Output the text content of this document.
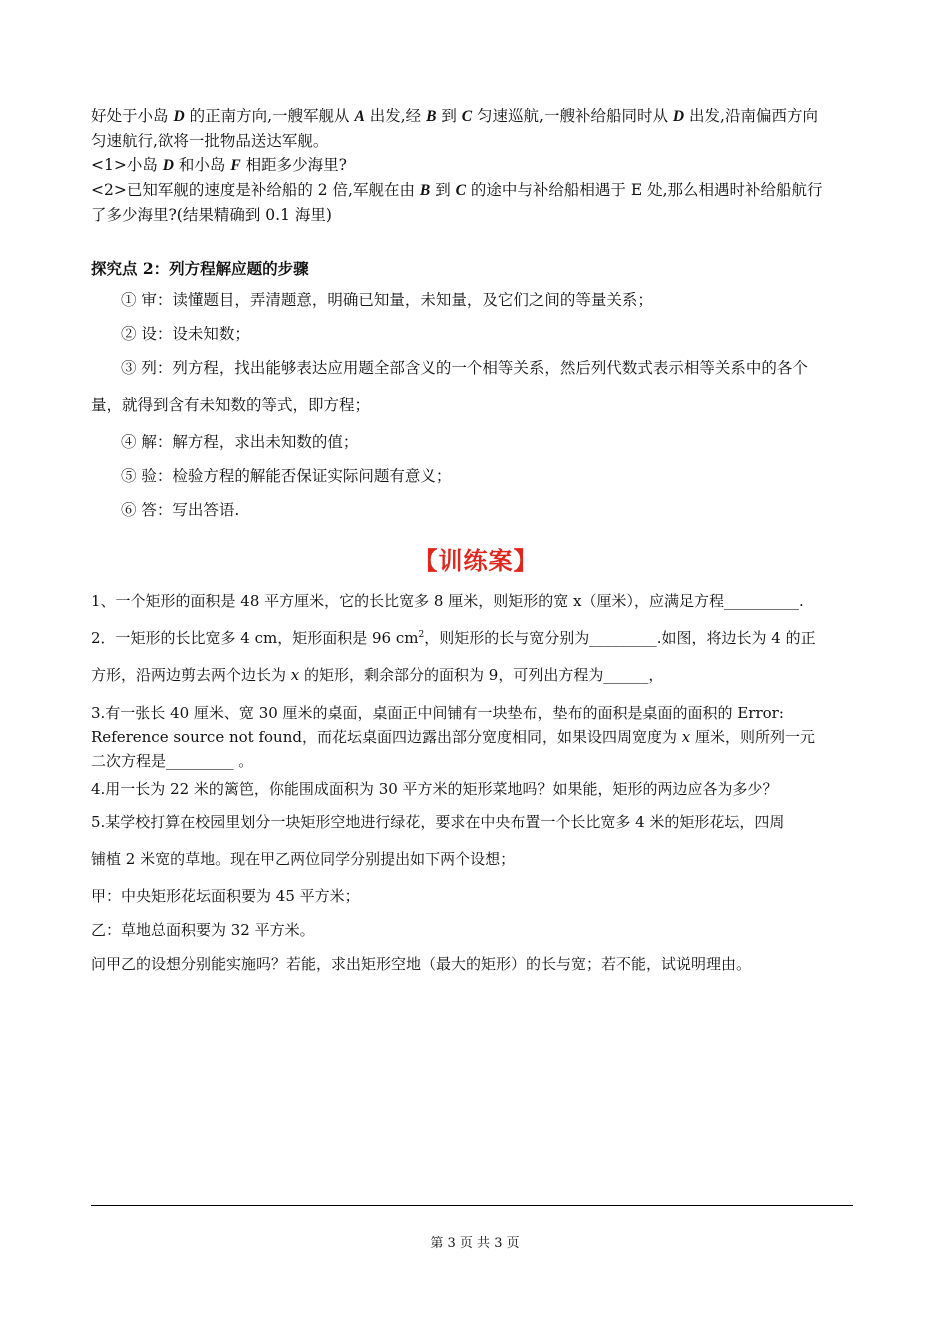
好处于小岛 D 的正南方向,一艘军舰从 A 出发,经 B 到 C 匀速巡航,一艘补给船同时从 D 出发,沿南偏西方向

匀速航行,欲将一批物品送达军舰。

<1>小岛 D 和小岛 F 相距多少海里?

<2>已知军舰的速度是补给船的 2 倍,军舰在由 B 到 C 的途中与补给船相遇于 E 处,那么相遇时补给船航行

了多少海里?(结果精确到 0.1 海里)

探究点 2：列方程解应题的步骤

① 审：读懂题目，弄清题意，明确已知量，未知量，及它们之间的等量关系；

② 设：设未知数；

③ 列：列方程，找出能够表达应用题全部含义的一个相等关系，然后列代数式表示相等关系中的各个

量，就得到含有未知数的等式，即方程；

④ 解：解方程，求出未知数的值；

⑤ 验：检验方程的解能否保证实际问题有意义；

⑥ 答：写出答语.

【训练案】

1、一个矩形的面积是 48 平方厘米，它的长比宽多 8 厘米，则矩形的宽 x（厘米），应满足方程__________.

2．一矩形的长比宽多 4 cm，矩形面积是 96 $cm^2$，则矩形的长与宽分别为_________.如图，将边长为 4 的正

方形，沿两边剪去两个边长为 x 的矩形，剩余部分的面积为 9，可列出方程为______，

3.有一张长 40 厘米、宽 30 厘米的桌面，桌面正中间铺有一块垫布，垫布的面积是桌面的面积的 Error:

Reference source not found，而花坛桌面四边露出部分宽度相同，如果设四周宽度为 x 厘米，则所列一元

二次方程是_________ 。

4.用一长为 22 米的篱笆，你能围成面积为 30 平方米的矩形菜地吗？如果能，矩形的两边应各为多少？

5.某学校打算在校园里划分一块矩形空地进行绿花，要求在中央布置一个长比宽多 4 米的矩形花坛，四周

铺植 2 米宽的草地。现在甲乙两位同学分别提出如下两个设想；

甲：中央矩形花坛面积要为 45 平方米；

乙：草地总面积要为 32 平方米。

问甲乙的设想分别能实施吗？若能，求出矩形空地（最大的矩形）的长与宽；若不能，试说明理由。

第 3 页 共 3 页
